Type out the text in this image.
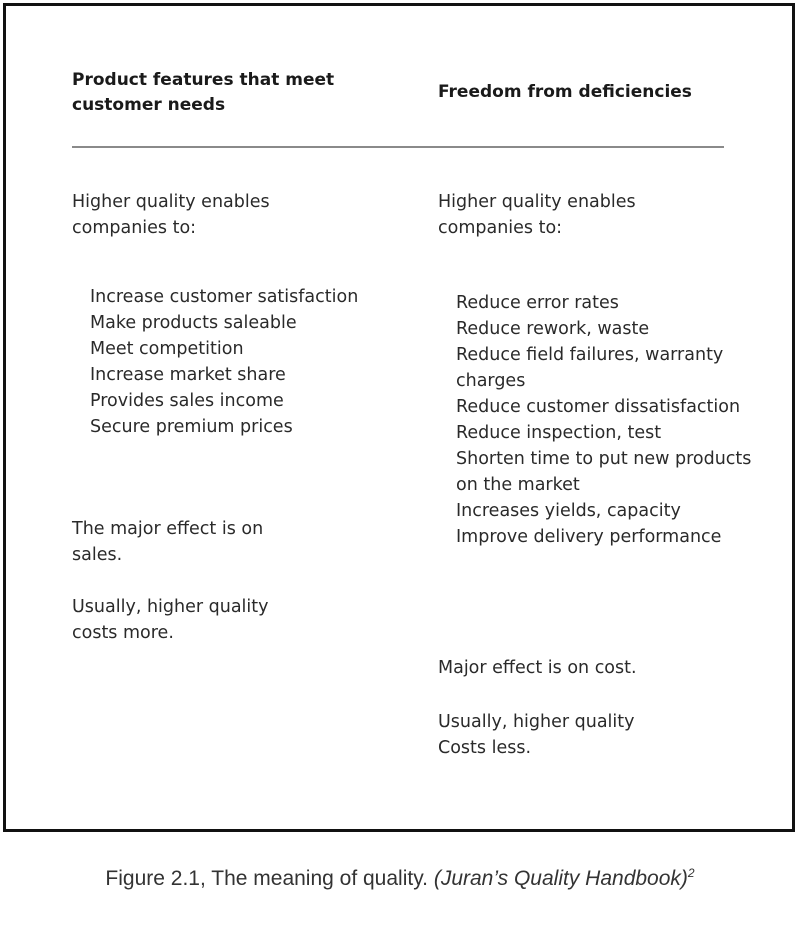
Product features that meet customer needs

Higher quality enables companies to:

Increase customer satisfaction
Make products saleable
Meet competition
Increase market share
Provides sales income
Secure premium prices

The major effect is on sales.

Usually, higher quality costs more.

Freedom from deficiencies

Higher quality enables companies to:

Reduce error rates
Reduce rework, waste
Reduce field failures, warranty charges
Reduce customer dissatisfaction
Reduce inspection, test
Shorten time to put new products on the market
Increases yields, capacity
Improve delivery performance

Major effect is on cost.

Usually, higher quality Costs less.

Figure 2.1, The meaning of quality. (Juran’s Quality Handbook)$^2$
